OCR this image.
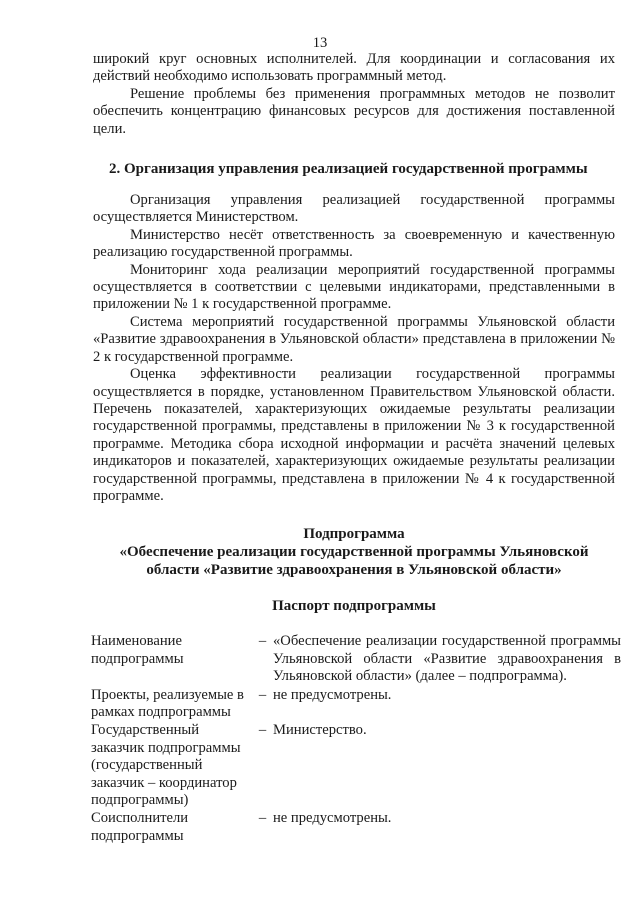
13

широкий круг основных исполнителей. Для координации и согласования их действий необходимо использовать программный метод.

Решение проблемы без применения программных методов не позволит обеспечить концентрацию финансовых ресурсов для достижения поставленной цели.

2. Организация управления реализацией государственной программы

Организация управления реализацией государственной программы осуществляется Министерством.

Министерство несёт ответственность за своевременную и качественную реализацию государственной программы.

Мониторинг хода реализации мероприятий государственной программы осуществляется в соответствии с целевыми индикаторами, представленными в приложении № 1 к государственной программе.

Система мероприятий государственной программы Ульяновской области «Развитие здравоохранения в Ульяновской области» представлена в приложении № 2 к государственной программе.

Оценка эффективности реализации государственной программы осуществляется в порядке, установленном Правительством Ульяновской области. Перечень показателей, характеризующих ожидаемые результаты реализации государственной программы, представлены в приложении № 3 к государственной программе. Методика сбора исходной информации и расчёта значений целевых индикаторов и показателей, характеризующих ожидаемые результаты реализации государственной программы, представлена в приложении № 4 к государственной программе.

Подпрограмма
«Обеспечение реализации государственной программы Ульяновской
области «Развитие здравоохранения в Ульяновской области»
Паспорт подпрограммы
Наименование подпрограммы	–	«Обеспечение реализации государственной программы Ульяновской области «Развитие здравоохранения в Ульяновской области» (далее – подпрограмма).
Проекты, реализуемые в рамках подпрограммы	–	не предусмотрены.
Государственный заказчик подпрограммы (государственный заказчик – координатор подпрограммы)	–	Министерство.
Соисполнители подпрограммы	–	не предусмотрены.
